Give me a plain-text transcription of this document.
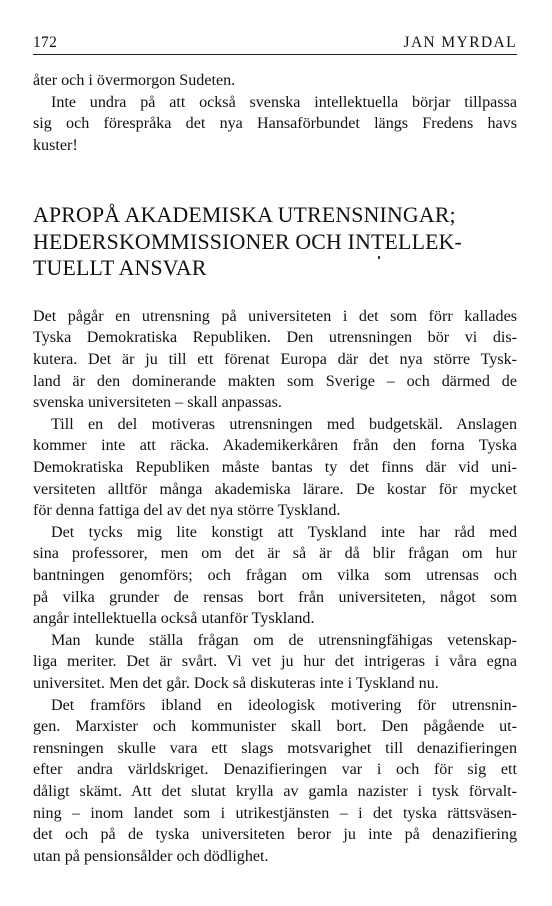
172	JAN MYRDAL
åter och i övermorgon Sudeten.
Inte undra på att också svenska intellektuella börjar tillpassa
sig och förespråka det nya Hansaförbundet längs Fredens havs
kuster!
APROPÅ AKADEMISKA UTRENSNINGAR;
HEDERSKOMMISSIONER OCH INTELLEK-
TUELLT ANSVAR
Det pågår en utrensning på universiteten i det som förr kallades
Tyska Demokratiska Republiken. Den utrensningen bör vi dis-
kutera. Det är ju till ett förenat Europa där det nya större Tysk-
land är den dominerande makten som Sverige – och därmed de
svenska universiteten – skall anpassas.
Till en del motiveras utrensningen med budgetskäl. Anslagen
kommer inte att räcka. Akademikerkåren från den forna Tyska
Demokratiska Republiken måste bantas ty det finns där vid uni-
versiteten alltför många akademiska lärare. De kostar för mycket
för denna fattiga del av det nya större Tyskland.
Det tycks mig lite konstigt att Tyskland inte har råd med
sina professorer, men om det är så är då blir frågan om hur
bantningen genomförs; och frågan om vilka som utrensas och
på vilka grunder de rensas bort från universiteten, något som
angår intellektuella också utanför Tyskland.
Man kunde ställa frågan om de utrensningfähigas vetenskap-
liga meriter. Det är svårt. Vi vet ju hur det intrigeras i våra egna
universitet. Men det går. Dock så diskuteras inte i Tyskland nu.
Det framförs ibland en ideologisk motivering för utrensnin-
gen. Marxister och kommunister skall bort. Den pågående ut-
rensningen skulle vara ett slags motsvarighet till denazifieringen
efter andra världskriget. Denazifieringen var i och för sig ett
dåligt skämt. Att det slutat krylla av gamla nazister i tysk förvalt-
ning – inom landet som i utrikestjänsten – i det tyska rättsväsen-
det och på de tyska universiteten beror ju inte på denazifiering
utan på pensionsålder och dödlighet.
